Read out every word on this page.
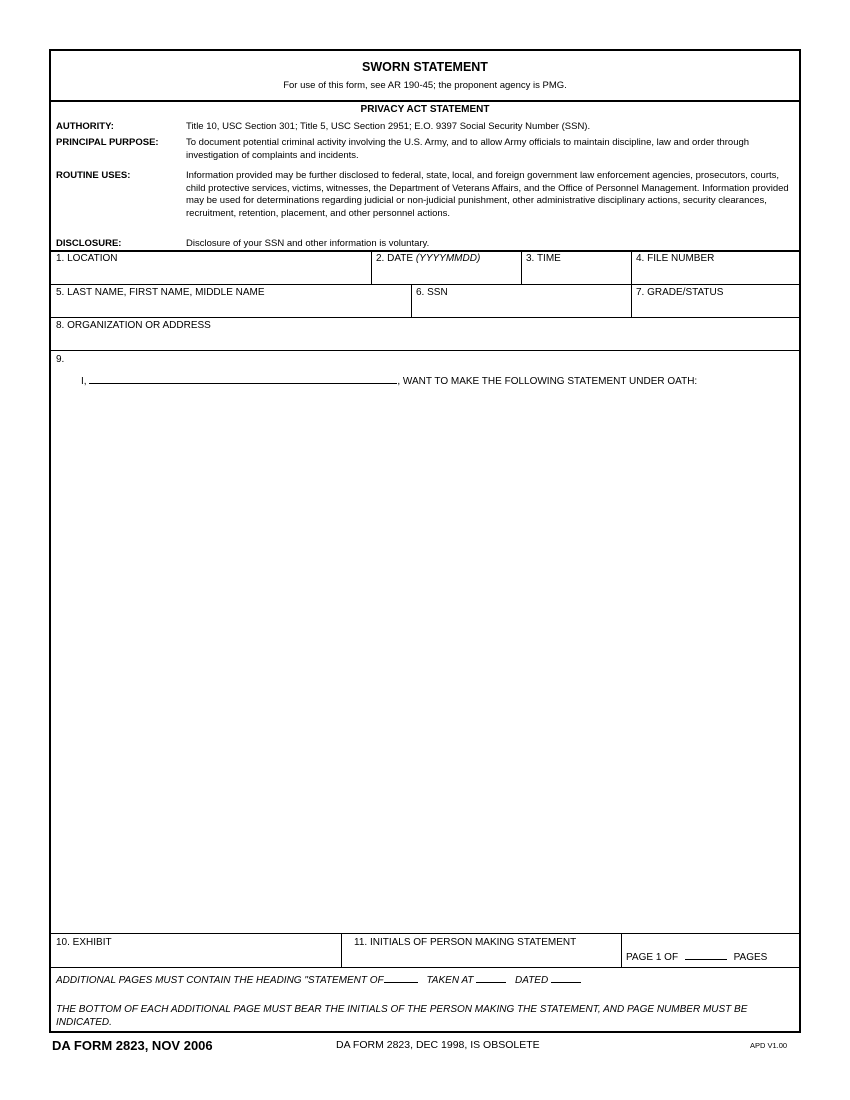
SWORN STATEMENT
For use of this form, see AR 190-45; the proponent agency is PMG.
PRIVACY ACT STATEMENT
AUTHORITY:	Title 10, USC Section 301; Title 5, USC Section 2951; E.O. 9397 Social Security Number (SSN).
PRINCIPAL PURPOSE:	To document potential criminal activity involving the U.S. Army, and to allow Army officials to maintain discipline, law and order through investigation of complaints and incidents.
ROUTINE USES:	Information provided may be further disclosed to federal, state, local, and foreign government law enforcement agencies, prosecutors, courts, child protective services, victims, witnesses, the Department of Veterans Affairs, and the Office of Personnel Management. Information provided may be used for determinations regarding judicial or non-judicial punishment, other administrative disciplinary actions, security clearances, recruitment, retention, placement, and other personnel actions.
DISCLOSURE:	Disclosure of your SSN and other information is voluntary.
1. LOCATION	2. DATE (YYYYMMDD)	3. TIME	4. FILE NUMBER
5. LAST NAME, FIRST NAME, MIDDLE NAME	6. SSN	7. GRADE/STATUS
8. ORGANIZATION OR ADDRESS
9.
I,	, WANT TO MAKE THE FOLLOWING STATEMENT UNDER OATH:
10. EXHIBIT	11. INITIALS OF PERSON MAKING STATEMENT
PAGE 1 OF	PAGES
ADDITIONAL PAGES MUST CONTAIN THE HEADING "STATEMENT OF	TAKEN AT	DATED
THE BOTTOM OF EACH ADDITIONAL PAGE MUST BEAR THE INITIALS OF THE PERSON MAKING THE STATEMENT, AND PAGE NUMBER MUST BE INDICATED.
DA FORM 2823, NOV 2006	DA FORM 2823, DEC 1998, IS OBSOLETE	APD V1.00
